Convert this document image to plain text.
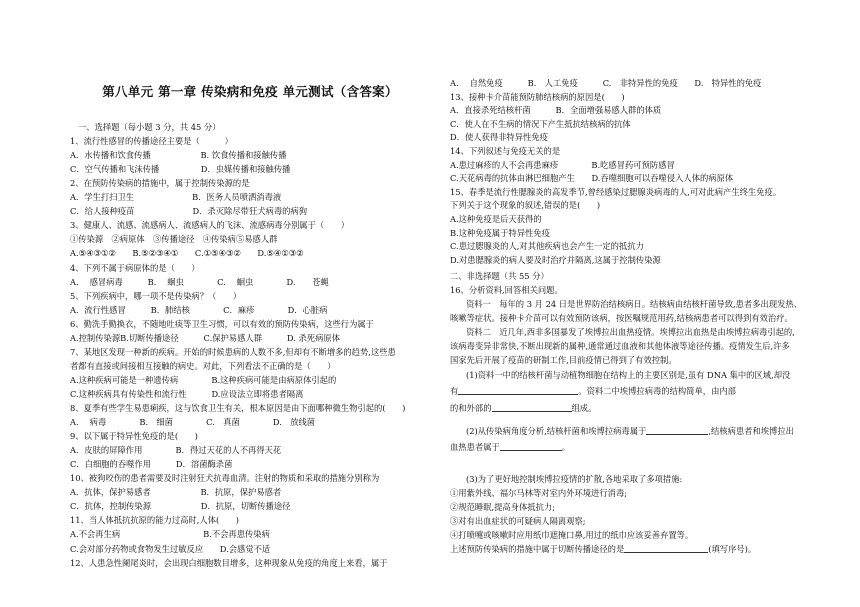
第八单元 第一章 传染病和免疫 单元测试（含答案）
一、选择题（每小题 3 分，共 45 分）
1、流行性感冒的传播途径主要是（　　　）
A．水传播和饮食传播　　　　　　B. 饮食传播和接触传播
C．空气传播和飞沫传播　　　　　D．虫媒传播和接触传播
2、在预防传染病的措施中，属于控制传染源的是
A．学生打扫卫生　　　　　　　B．医务人员喷洒消毒液
C．给人接种疫苗　　　　　　　D．杀灭除尽带狂犬病毒的病狗
3、健康人、流感、流感病人、流感病人的飞沫、流感病毒分别属于（　　）
①传染源　②病原体　③传播途径　④传染病⑤易感人群
A.⑤④③①②　　B.⑤②③④①　　C.①⑤④③②　　D.⑤④①③②
4、下列不属于病原体的是（　　）
A.　 感冒病毒　　　B.　 蛔虫　　　　C.　 蛔虫　　　　D.　　苍蝇
5、下列疾病中，哪一项不是传染病？（　　）
A．流行性感冒　　　B．肺结核　　　　C．麻疹　　　　D．心脏病
6、勤洗手勤换衣，不随地吐痰等卫生习惯，可以有效的预防传染病，这些行为属于
A.控制传染源B.切断传播途径　　　C.保护易感人群　　　D. 杀死病原体
7、某地区发现一种新的疾病。开始的时候患病的人数不多,但却有不断增多的趋势,这些患
者都有直接或间接相互接触的病史。对此，下列看法不正确的是（　　）
A.这种疾病可能是一种遗传病　　　　B.这种疾病可能是由病原体引起的
C.这种疾病具有传染性和流行性　　　D.应设法立即将患者隔离
8、夏季有些学生易患痢疾，这与饮食卫生有关，根本原因是由下面哪种微生物引起的(　　)
A.　 病毒　　　　B.　细菌　　　　C.　真菌　　　　D.　放线菌
9、以下属于特异性免疫的是(　　)
A．皮肤的屏障作用　　　　B．得过天花的人不再得天花
C．白细胞的吞噬作用　　　D．溶菌酶杀菌
10、被狗咬伤的患者需要及时注射狂犬抗毒血清。注射的物质和采取的措施分别称为
A．抗体，保护易感者　　　　　　B．抗原，保护易感者
C．抗体，控制传染源　　　　　　D．抗原，切断传播途径
11、当人体抵抗抗原的能力过高时,人体(　　)
A.不会再生病　　　　　　　　　　B.不会再患传染病
C.会对部分药物或食物发生过敏反应　　D.会感觉不适
12、人患急性阑尾炎时，会出现白细胞数目增多，这种现象从免疫的角度上来看，属于
A.　 自然免疫　　　B.　人工免疫　　　C.　非特异性的免疫　　D.　特异性的免疫
13、接种卡介苗能预防肺结核病的原因是(　　)
A．直接杀死结核杆菌　　　B．全面增强易感人群的体质
C．使人在不生病的情况下产生抵抗结核病的抗体
D．使人获得非特异性免疫
14、下列叙述与免疫无关的是
A.患过麻疹的人不会再患麻疹　　　　B.吃感冒药可预防感冒
C.天花病毒的抗体由淋巴细胞产生　　D.吞噬细胞可以吞噬侵入人体的病原体
15、春季是流行性腮腺炎的高发季节,曾经感染过腮腺炎病毒的人,可对此病产生终生免疫。
下列关于这个现象的叙述,错误的是(　　)
A.这种免疫是后天获得的
B.这种免疫属于特异性免疫
C.患过腮腺炎的人,对其他疾病也会产生一定的抵抗力
D.对患腮腺炎的病人要及时治疗并隔离,这属于控制传染源
二、非选择题（共 55 分）
16、分析资料,回答相关问题。
资料一　每年的 3 月 24 日是世界防治结核病日。结核病由结核杆菌导致,患者多出现发热、
咳嗽等症状。接种卡介苗可以有效预防该病，按医嘱规范用药,结核病患者可以得到有效治疗。
资料二　近几年,西非多国暴发了埃博拉出血热疫情。埃博拉出血热是由埃博拉病毒引起的,
该病毒变异非常快,不断出现新的属种,通常通过血液和其他体液等途径传播。疫情发生后,许多
国家先后开展了疫苗的研制工作,目前疫情已得到了有效控制。
(1)资料一中的结核杆菌与动植物细胞在结构上的主要区别是,虽有 DNA 集中的区域,却没
有	。资料二中埃博拉病毒的结构简单，由内部
的和外部的	组成。
(2)从传染病角度分析,结核杆菌和埃博拉病毒属于	,结核病患者和埃博拉出
血热患者属于	。
(3)为了更好地控制埃博拉疫情的扩散,各地采取了多项措施:
①用紫外线、福尔马林等对室内外环境进行消毒;
②规范睡眠,提高身体抵抗力;
③对有出血症状的可疑病人隔离观察;
④打喷嚏或咳嗽时应用纸巾遮掩口鼻,用过的纸巾应该妥善弃置等。
上述预防传染病的措施中属于切断传播途径的是	(填写序号)。
